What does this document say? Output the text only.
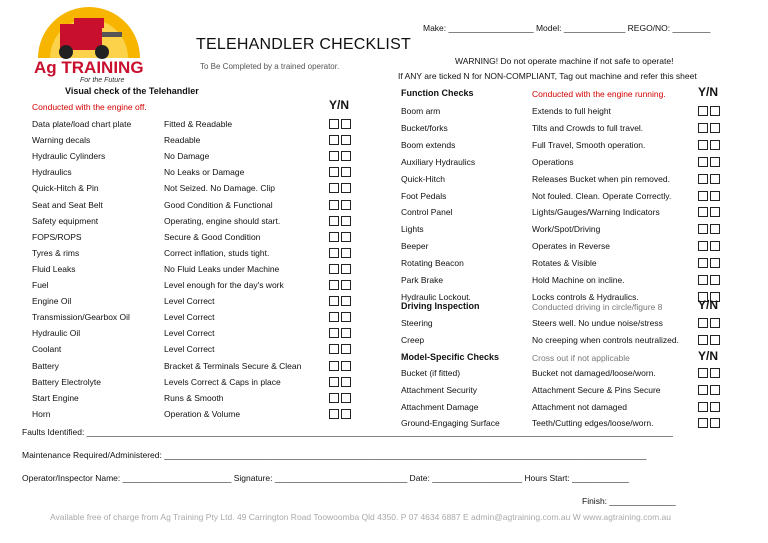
Ag TRAINING
For the Future
TELEHANDLER CHECKLIST
To Be Completed by a trained operator.
Make: __________________ Model: _____________ REGO/NO: ________
WARNING! Do not operate machine if not safe to operate!
If ANY are ticked N for NON-COMPLIANT, Tag out machine and refer this sheet
Visual check of the Telehandler
Conducted with the engine off.	Y/N
Data plate/load chart plate	Fitted & Readable
Warning decals	Readable
Hydraulic Cylinders	No Damage
Hydraulics	No Leaks or Damage
Quick-Hitch & Pin	Not Seized. No Damage. Clip
Seat and Seat Belt	Good Condition & Functional
Safety equipment	Operating, engine should start.
FOPS/ROPS	Secure & Good Condition
Tyres & rims	Correct inflation, studs tight.
Fluid Leaks	No Fluid Leaks under Machine
Fuel	Level enough for the day's work
Engine Oil	Level Correct
Transmission/Gearbox Oil	Level Correct
Hydraulic Oil	Level Correct
Coolant	Level Correct
Battery	Bracket & Terminals Secure & Clean
Battery Electrolyte	Levels Correct & Caps in place
Start Engine	Runs & Smooth
Horn	Operation & Volume
Function Checks	Conducted with the engine running.	Y/N
Boom arm	Extends to full height
Bucket/forks	Tilts and Crowds to full travel.
Boom extends	Full Travel, Smooth operation.
Auxiliary Hydraulics	Operations
Quick-Hitch	Releases Bucket when pin removed.
Foot Pedals	Not fouled. Clean. Operate Correctly.
Control Panel	Lights/Gauges/Warning Indicators
Lights	Work/Spot/Driving
Beeper	Operates in Reverse
Rotating Beacon	Rotates & Visible
Park Brake	Hold Machine on incline.
Hydraulic Lockout.	Locks controls & Hydraulics.
Driving Inspection	Conducted driving in circle/figure 8	Y/N
Steering	Steers well. No undue noise/stress
Creep	No creeping when controls neutralized.
Model-Specific Checks	Cross out if not applicable	Y/N
Bucket (if fitted)	Bucket not damaged/loose/worn.
Attachment Security	Attachment Secure & Pins Secure
Attachment Damage	Attachment not damaged
Ground-Engaging Surface	Teeth/Cutting edges/loose/worn.
Faults Identified: ____________________________________________________________________________________________________________________________
Maintenance Required/Administered: ______________________________________________________________________________________________________
Operator/Inspector Name: _______________________ Signature: ____________________________ Date: ___________________ Hours Start: ____________
Finish: ______________
Available free of charge from Ag Training Pty Ltd. 49 Carrington Road Toowoomba Qld 4350. P 07 4634 6887 E admin@agtraining.com.au W www.agtraining.com.au
